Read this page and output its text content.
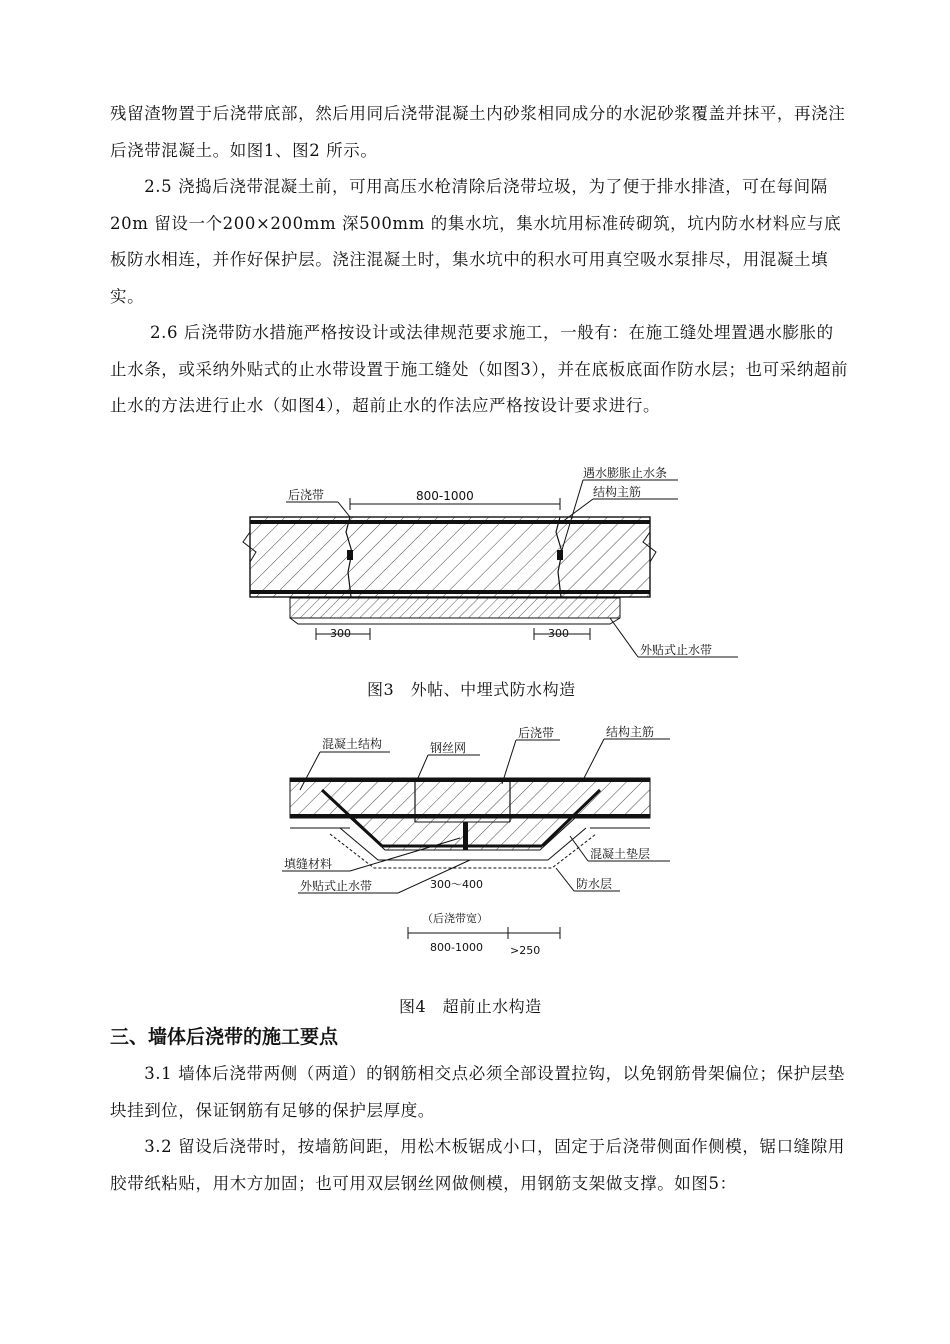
残留渣物置于后浇带底部，然后用同后浇带混凝土内砂浆相同成分的水泥砂浆覆盖并抹平，再浇注后浇带混凝土。如图1、图2 所示。

　　2.5 浇捣后浇带混凝土前，可用高压水枪清除后浇带垃圾，为了便于排水排渣，可在每间隔20m 留设一个200×200mm 深500mm 的集水坑，集水坑用标准砖砌筑，坑内防水材料应与底板防水相连，并作好保护层。浇注混凝土时，集水坑中的积水可用真空吸水泵排尽，用混凝土填实。

　　 2.6 后浇带防水措施严格按设计或法律规范要求施工，一般有：在施工缝处埋置遇水膨胀的止水条，或采纳外贴式的止水带设置于施工缝处（如图3），并在底板底面作防水层；也可采纳超前止水的方法进行止水（如图4），超前止水的作法应严格按设计要求进行。

后浇带	800-1000
遇水膨胀止水条
结构主筋
300	300
外贴式止水带
图3　外帖、中埋式防水构造
混凝土结构	钢丝网
后浇带	结构主筋
填缝材料
外贴式止水带	300～400
混凝土垫层
防水层
（后浇带宽）
800-1000 >250
图4　超前止水构造
三、墙体后浇带的施工要点

　　3.1 墙体后浇带两侧（两道）的钢筋相交点必须全部设置拉钩，以免钢筋骨架偏位；保护层垫块挂到位，保证钢筋有足够的保护层厚度。

　　3.2 留设后浇带时，按墙筋间距，用松木板锯成小口，固定于后浇带侧面作侧模，锯口缝隙用胶带纸粘贴，用木方加固；也可用双层钢丝网做侧模，用钢筋支架做支撑。如图5：
